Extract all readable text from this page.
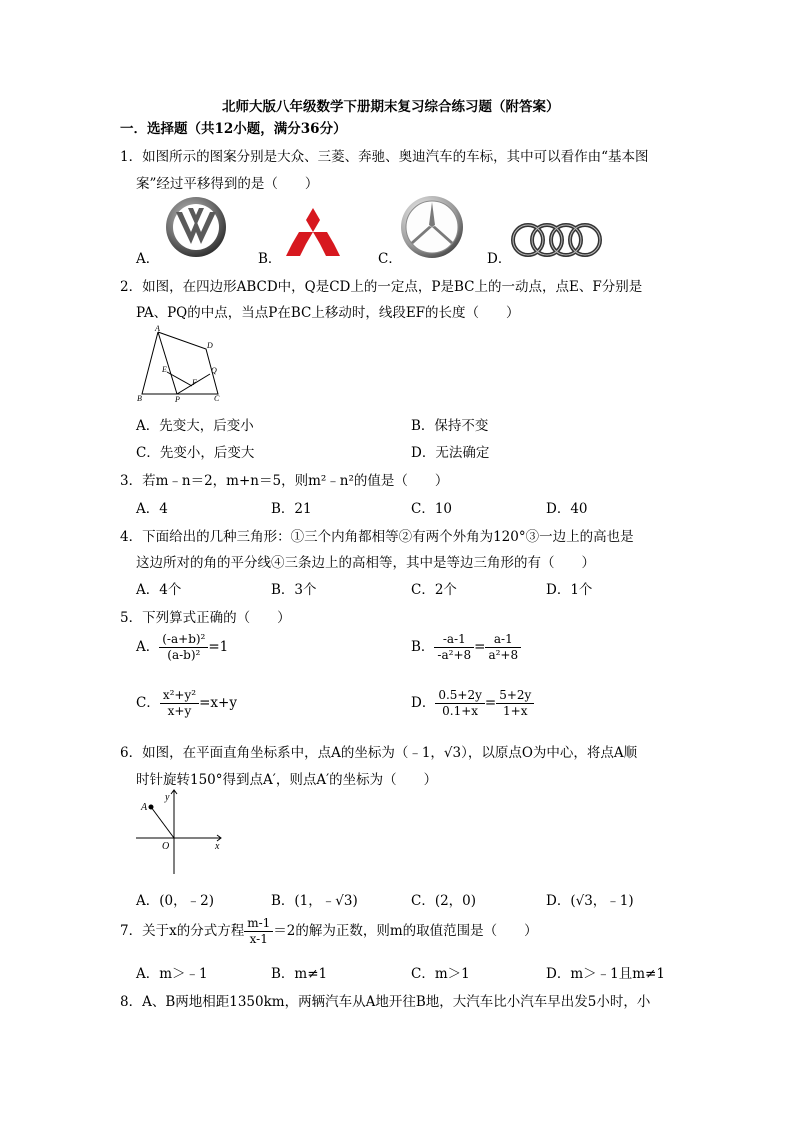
北师大版八年级数学下册期末复习综合练习题（附答案）
一．选择题（共12小题，满分36分）
1．如图所示的图案分别是大众、三菱、奔驰、奥迪汽车的车标，其中可以看作由“基本图
案”经过平移得到的是（　　）
A．	B．	C．	D．
2．如图，在四边形ABCD中，Q是CD上的一定点，P是BC上的一动点，点E、F分别是
PA、PQ的中点，当点P在BC上移动时，线段EF的长度（　　）
A
B	C
D
E
F
P
Q
A．先变大，后变小	B．保持不变
C．先变小，后变大	D．无法确定
3．若m﹣n＝2，m+n＝5，则m²﹣n²的值是（　　）
A．4	B．21	C．10	D．40
4．下面给出的几种三角形：①三个内角都相等②有两个外角为120°③一边上的高也是
这边所对的角的平分线④三条边上的高相等，其中是等边三角形的有（　　）
A．4个	B．3个	C．2个	D．1个
5．下列算式正确的（　　）
A． $\frac{\text{(-a+b)²}}{\text{(a-b)²}} =1$	B． $\frac{-a-1}{\text{-a²+8}} = \frac{a-1}{\text{a²+8}}$
C． $\frac{\text{x²+y²}}{x+y} =x+y$	D． $\frac{0.5+2y}{0.1+x} = \frac{5+2y}{1+x}$
6．如图，在平面直角坐标系中，点A的坐标为（﹣1，√3），以原点O为中心，将点A顺
时针旋转150°得到点A′，则点A′的坐标为（　　）
A
y
O	x
A．(0，﹣2)	B．(1，﹣√3)	C．(2，0)	D．(√3，﹣1)
7．关于x的分式方程 $\frac{m-1}{x-1} =2$的解为正数，则m的取值范围是（　　）
A．m＞﹣1	B．m≠1	C．m＞1	D．m＞﹣1且m≠1
8．A、B两地相距1350km，两辆汽车从A地开往B地，大汽车比小汽车早出发5小时，小
